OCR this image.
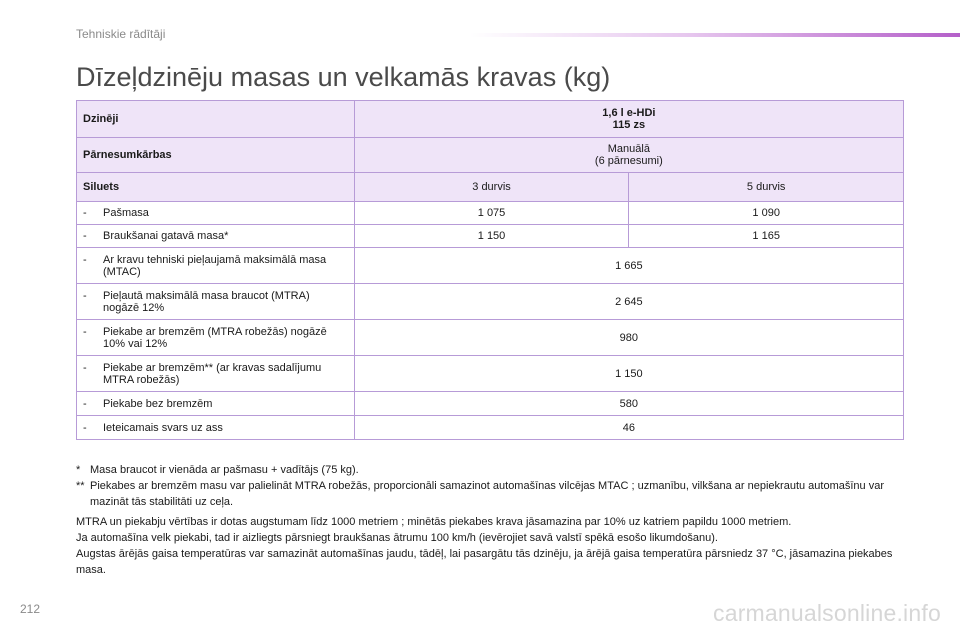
Tehniskie rādītāji
Dīzeļdzinēju masas un velkamās kravas (kg)
Dzinēji	1,6 l e-HDi
115 zs	

Pārnesumkārbas	Manuālā
(6 pārnesumi)	

Siluets	3 durvis	5 durvis

- Pašmasa	1 075	1 090

- Braukšanai gatavā masa*	1 150	1 165

- Ar kravu tehniski pieļaujamā maksimālā masa (MTAC)	1 665	

- Pieļautā maksimālā masa braucot (MTRA) nogāzē 12%	2 645	

- Piekabe ar bremzēm (MTRA robežās) nogāzē 10% vai 12%	980	

- Piekabe ar bremzēm** (ar kravas sadalījumu MTRA robežās)	1 150	

- Piekabe bez bremzēm	580	

- Ieteicamais svars uz ass	46	
* Masa braucot ir vienāda ar pašmasu + vadītājs (75 kg).
** Piekabes ar bremzēm masu var palielināt MTRA robežās, proporcionāli samazinot automašīnas vilcējas MTAC ; uzmanību, vilkšana ar nepiekrautu automašīnu var mazināt tās stabilitāti uz ceļa.
MTRA un piekabju vērtības ir dotas augstumam līdz 1000 metriem ; minētās piekabes krava jāsamazina par 10% uz katriem papildu 1000 metriem.
Ja automašīna velk piekabi, tad ir aizliegts pārsniegt braukšanas ātrumu 100 km/h (ievērojiet savā valstī spēkā esošo likumdošanu).
Augstas ārējās gaisa temperatūras var samazināt automašīnas jaudu, tādēļ, lai pasargātu tās dzinēju, ja ārējā gaisa temperatūra pārsniedz 37 °C, jāsamazina piekabes masa.
212	carmanualsonline.info
